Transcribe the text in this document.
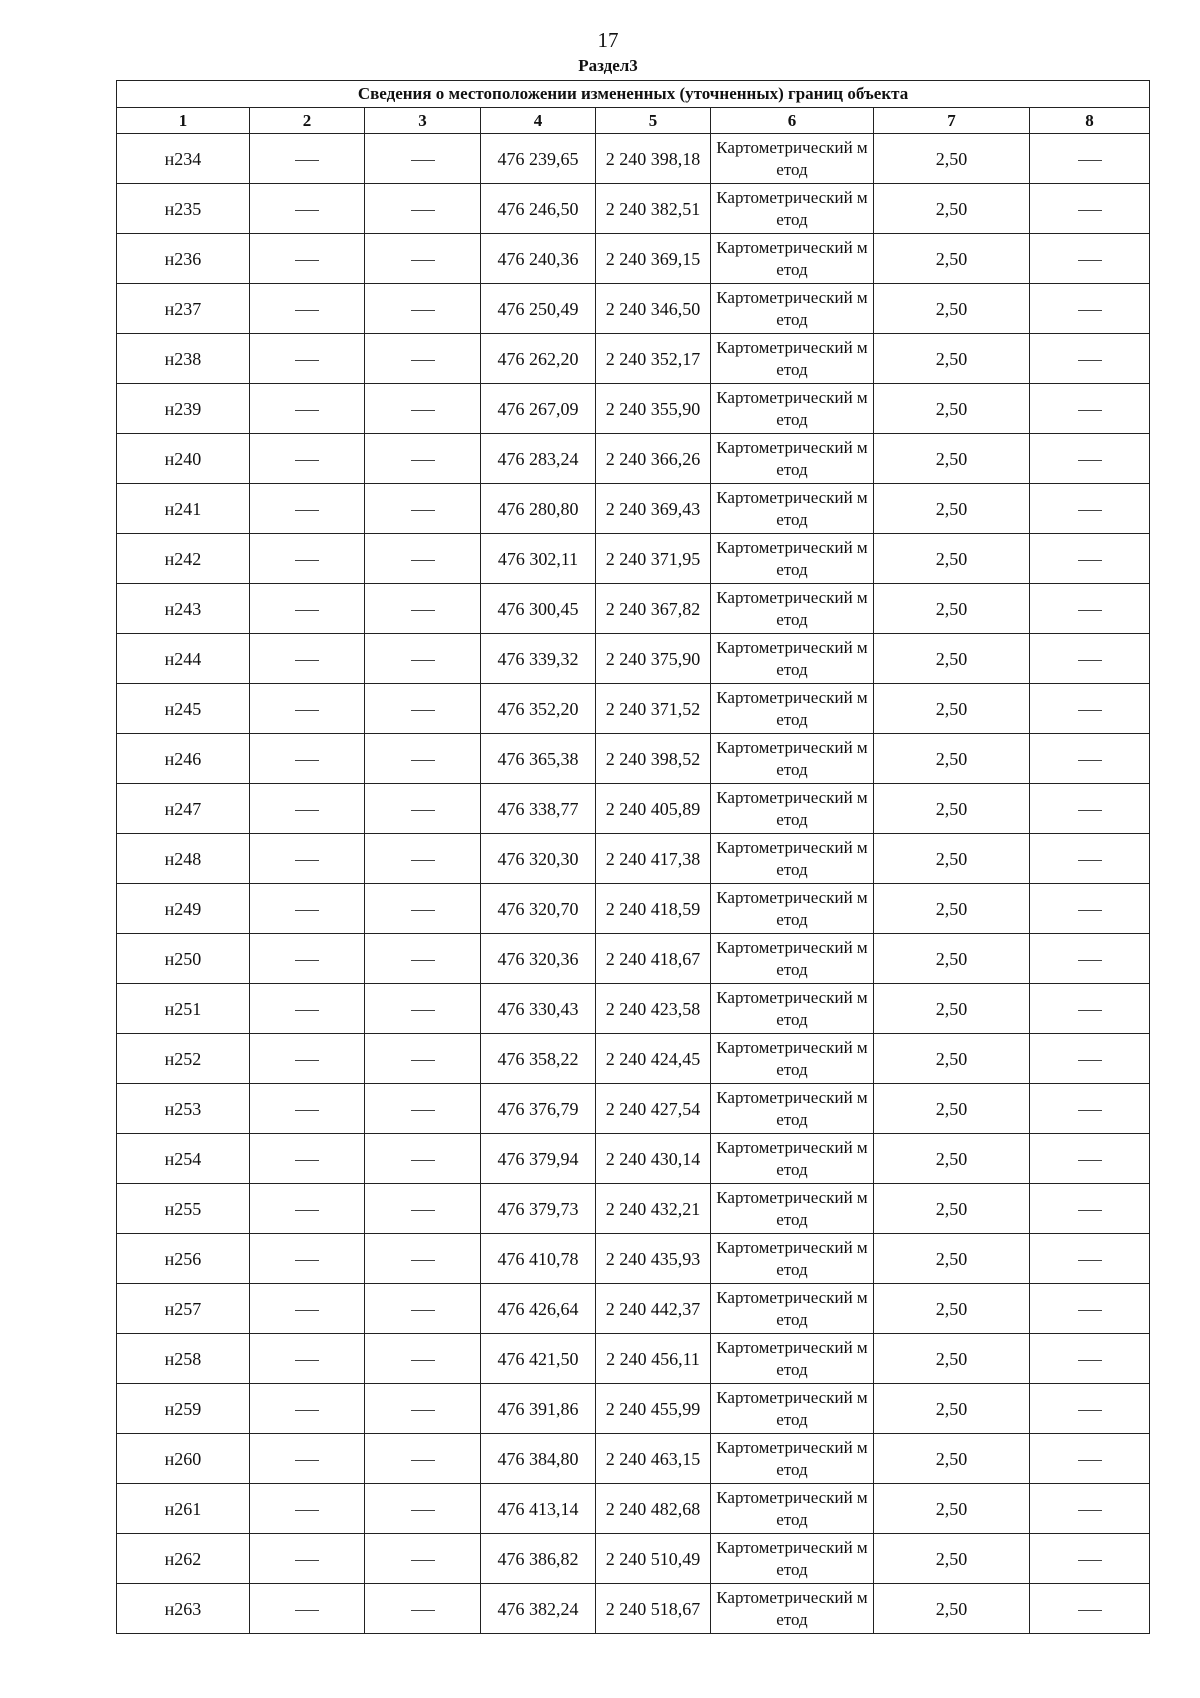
17
Раздел3
Сведения о местоположении измененных (уточненных) границ объекта							
1	2	3	4	5	6	7	8
н234			476 239,65	2 240 398,18	Картометрический метод	2,50	
н235			476 246,50	2 240 382,51	Картометрический метод	2,50	
н236			476 240,36	2 240 369,15	Картометрический метод	2,50	
н237			476 250,49	2 240 346,50	Картометрический метод	2,50	
н238			476 262,20	2 240 352,17	Картометрический метод	2,50	
н239			476 267,09	2 240 355,90	Картометрический метод	2,50	
н240			476 283,24	2 240 366,26	Картометрический метод	2,50	
н241			476 280,80	2 240 369,43	Картометрический метод	2,50	
н242			476 302,11	2 240 371,95	Картометрический метод	2,50	
н243			476 300,45	2 240 367,82	Картометрический метод	2,50	
н244			476 339,32	2 240 375,90	Картометрический метод	2,50	
н245			476 352,20	2 240 371,52	Картометрический метод	2,50	
н246			476 365,38	2 240 398,52	Картометрический метод	2,50	
н247			476 338,77	2 240 405,89	Картометрический метод	2,50	
н248			476 320,30	2 240 417,38	Картометрический метод	2,50	
н249			476 320,70	2 240 418,59	Картометрический метод	2,50	
н250			476 320,36	2 240 418,67	Картометрический метод	2,50	
н251			476 330,43	2 240 423,58	Картометрический метод	2,50	
н252			476 358,22	2 240 424,45	Картометрический метод	2,50	
н253			476 376,79	2 240 427,54	Картометрический метод	2,50	
н254			476 379,94	2 240 430,14	Картометрический метод	2,50	
н255			476 379,73	2 240 432,21	Картометрический метод	2,50	
н256			476 410,78	2 240 435,93	Картометрический метод	2,50	
н257			476 426,64	2 240 442,37	Картометрический метод	2,50	
н258			476 421,50	2 240 456,11	Картометрический метод	2,50	
н259			476 391,86	2 240 455,99	Картометрический метод	2,50	
н260			476 384,80	2 240 463,15	Картометрический метод	2,50	
н261			476 413,14	2 240 482,68	Картометрический метод	2,50	
н262			476 386,82	2 240 510,49	Картометрический метод	2,50	
н263			476 382,24	2 240 518,67	Картометрический метод	2,50	
